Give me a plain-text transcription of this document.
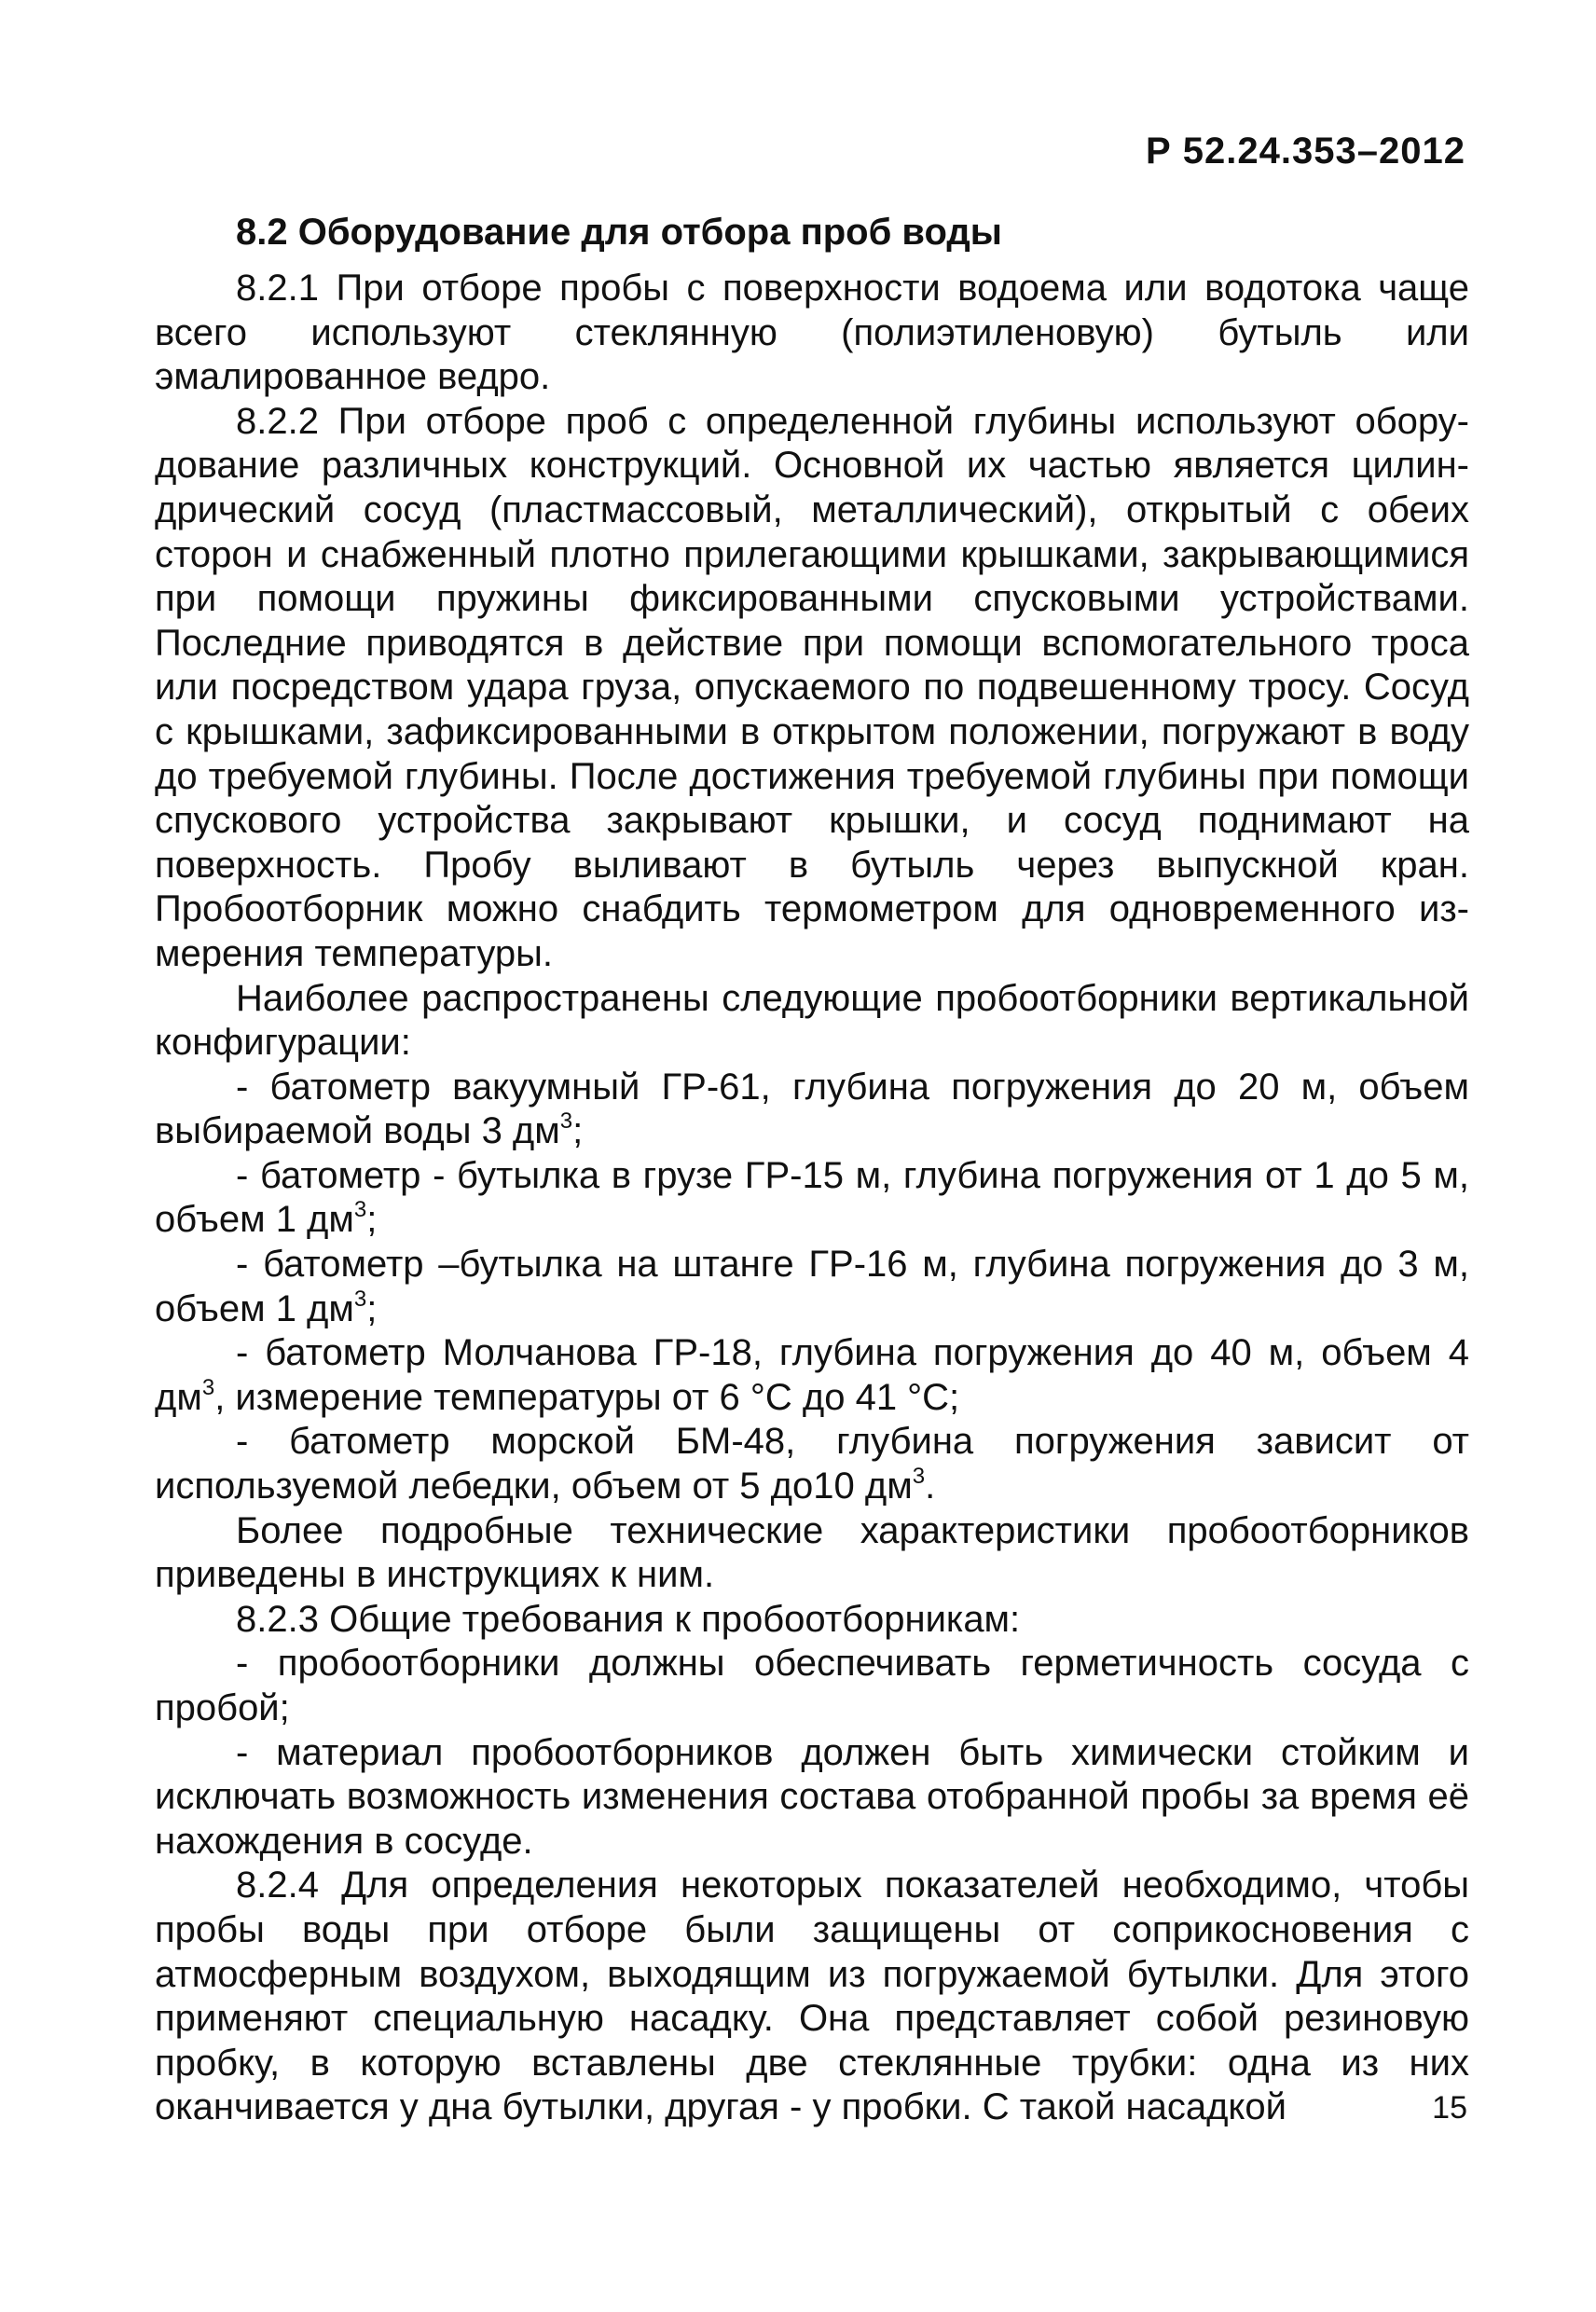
Р 52.24.353–2012
8.2 Оборудование для отбора проб воды

8.2.1 При отборе пробы с поверхности водоема или водотока чаще всего используют стеклянную (полиэтиленовую) бутыль или эмалированное ведро.

8.2.2 При отборе проб с определенной глубины используют оборудование различных конструкций. Основной их частью является цилиндрический сосуд (пластмассовый, металлический), открытый с обеих сторон и снабженный плотно прилегающими крышками, закрывающимися при помощи пружины фиксированными спусковыми устройствами. Последние приводятся в действие при помощи вспомогательного троса или посредством удара груза, опускаемого по подвешенному тросу. Сосуд с крышками, зафиксированными в открытом положении, погружают в воду до требуемой глубины. После достижения требуемой глубины при помощи спускового устройства закрывают крышки, и сосуд поднимают на поверхность. Пробу выливают в бутыль через выпускной кран. Пробоотборник можно снабдить термометром для одновременного измерения температуры.

Наиболее распространены следующие пробоотборники вертикальной конфигурации:

- батометр вакуумный ГР-61, глубина погружения до 20 м, объем выбираемой воды 3 $дм^3$;

- батометр - бутылка в грузе ГР-15 м, глубина погружения от 1 до 5 м, объем 1 $дм^3$;

- батометр –бутылка на штанге ГР-16 м, глубина погружения до 3 м, объем 1 $дм^3$;

- батометр Молчанова ГР-18, глубина погружения до 40 м, объем 4 $дм^3$, измерение температуры от 6 °С до 41 °С;

- батометр морской БМ-48, глубина погружения зависит от используемой лебедки, объем от 5 до10 $дм^3$.

Более подробные технические характеристики пробоотборников приведены в инструкциях к ним.

8.2.3 Общие требования к пробоотборникам:

- пробоотборники должны обеспечивать герметичность сосуда с пробой;

- материал пробоотборников должен быть химически стойким и исключать возможность изменения состава отобранной пробы за время её нахождения в сосуде.

8.2.4 Для определения некоторых показателей необходимо, чтобы пробы воды при отборе были защищены от соприкосновения с атмосферным воздухом, выходящим из погружаемой бутылки. Для этого применяют специальную насадку. Она представляет собой резиновую пробку, в которую вставлены две стеклянные трубки: одна из них оканчивается у дна бутылки, другая - у пробки. С такой насадкой	15
